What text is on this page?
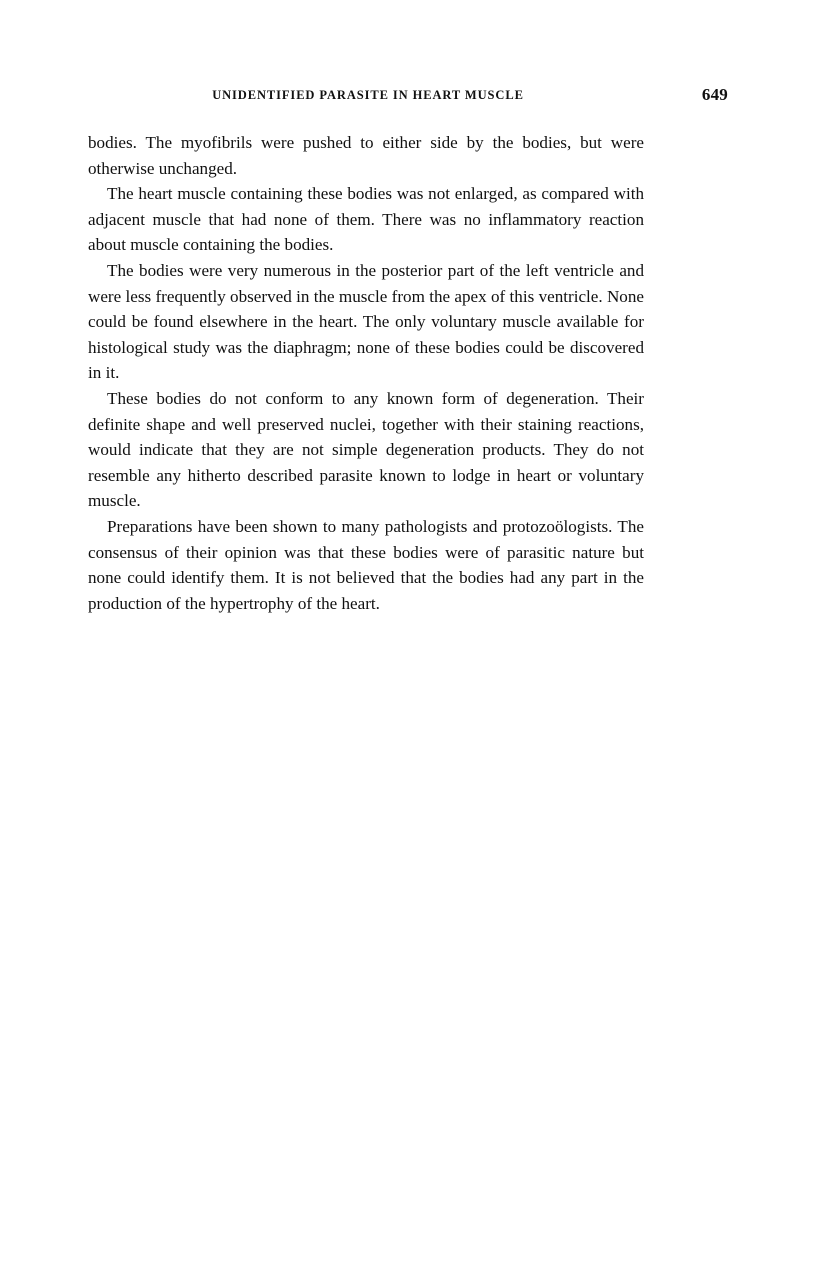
UNIDENTIFIED PARASITE IN HEART MUSCLE	649

bodies. The myofibrils were pushed to either side by the bodies, but were otherwise unchanged.

The heart muscle containing these bodies was not enlarged, as compared with adjacent muscle that had none of them. There was no inflammatory reaction about muscle containing the bodies.

The bodies were very numerous in the posterior part of the left ventricle and were less frequently observed in the muscle from the apex of this ventricle. None could be found elsewhere in the heart. The only voluntary muscle available for histological study was the diaphragm; none of these bodies could be discovered in it.

These bodies do not conform to any known form of degeneration. Their definite shape and well preserved nuclei, together with their staining reactions, would indicate that they are not simple degeneration products. They do not resemble any hitherto described parasite known to lodge in heart or voluntary muscle.

Preparations have been shown to many pathologists and protozoölogists. The consensus of their opinion was that these bodies were of parasitic nature but none could identify them. It is not believed that the bodies had any part in the production of the hypertrophy of the heart.
